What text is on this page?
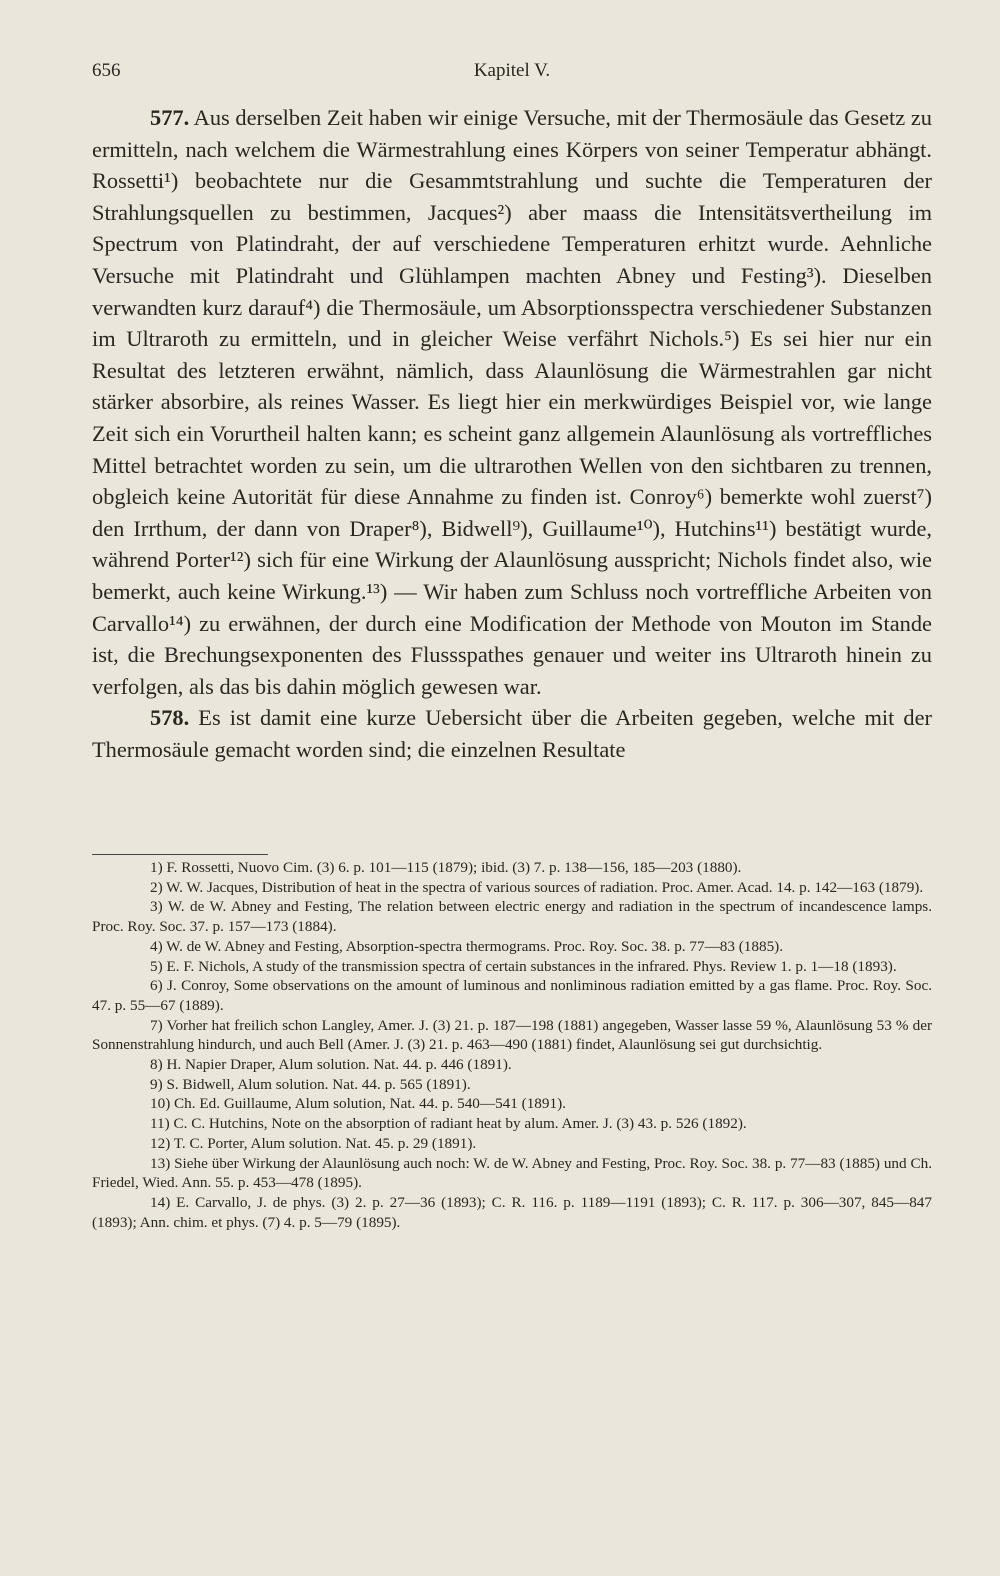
656	Kapitel V.

577. Aus derselben Zeit haben wir einige Versuche, mit der Thermosäule das Gesetz zu ermitteln, nach welchem die Wärmestrahlung eines Körpers von seiner Temperatur abhängt. Rossetti¹) beobachtete nur die Gesammtstrahlung und suchte die Temperaturen der Strahlungsquellen zu bestimmen, Jacques²) aber maass die Intensitätsvertheilung im Spectrum von Platindraht, der auf verschiedene Temperaturen erhitzt wurde. Aehnliche Versuche mit Platindraht und Glühlampen machten Abney und Festing³). Dieselben verwandten kurz darauf⁴) die Thermosäule, um Absorptionsspectra verschiedener Substanzen im Ultraroth zu ermitteln, und in gleicher Weise verfährt Nichols.⁵) Es sei hier nur ein Resultat des letzteren erwähnt, nämlich, dass Alaunlösung die Wärmestrahlen gar nicht stärker absorbire, als reines Wasser. Es liegt hier ein merkwürdiges Beispiel vor, wie lange Zeit sich ein Vorurtheil halten kann; es scheint ganz allgemein Alaunlösung als vortreffliches Mittel betrachtet worden zu sein, um die ultrarothen Wellen von den sichtbaren zu trennen, obgleich keine Autorität für diese Annahme zu finden ist. Conroy⁶) bemerkte wohl zuerst⁷) den Irrthum, der dann von Draper⁸), Bidwell⁹), Guillaume¹⁰), Hutchins¹¹) bestätigt wurde, während Porter¹²) sich für eine Wirkung der Alaunlösung ausspricht; Nichols findet also, wie bemerkt, auch keine Wirkung.¹³) — Wir haben zum Schluss noch vortreffliche Arbeiten von Carvallo¹⁴) zu erwähnen, der durch eine Modification der Methode von Mouton im Stande ist, die Brechungsexponenten des Flussspathes genauer und weiter ins Ultraroth hinein zu verfolgen, als das bis dahin möglich gewesen war.

578. Es ist damit eine kurze Uebersicht über die Arbeiten gegeben, welche mit der Thermosäule gemacht worden sind; die einzelnen Resultate

1) F. Rossetti, Nuovo Cim. (3) 6. p. 101—115 (1879); ibid. (3) 7. p. 138—156, 185—203 (1880).

2) W. W. Jacques, Distribution of heat in the spectra of various sources of radiation. Proc. Amer. Acad. 14. p. 142—163 (1879).

3) W. de W. Abney and Festing, The relation between electric energy and radiation in the spectrum of incandescence lamps. Proc. Roy. Soc. 37. p. 157—173 (1884).

4) W. de W. Abney and Festing, Absorption-spectra thermograms. Proc. Roy. Soc. 38. p. 77—83 (1885).

5) E. F. Nichols, A study of the transmission spectra of certain substances in the infrared. Phys. Review 1. p. 1—18 (1893).

6) J. Conroy, Some observations on the amount of luminous and nonliminous radiation emitted by a gas flame. Proc. Roy. Soc. 47. p. 55—67 (1889).

7) Vorher hat freilich schon Langley, Amer. J. (3) 21. p. 187—198 (1881) angegeben, Wasser lasse 59 %, Alaunlösung 53 % der Sonnenstrahlung hindurch, und auch Bell (Amer. J. (3) 21. p. 463—490 (1881) findet, Alaunlösung sei gut durchsichtig.

8) H. Napier Draper, Alum solution. Nat. 44. p. 446 (1891).

9) S. Bidwell, Alum solution. Nat. 44. p. 565 (1891).

10) Ch. Ed. Guillaume, Alum solution, Nat. 44. p. 540—541 (1891).

11) C. C. Hutchins, Note on the absorption of radiant heat by alum. Amer. J. (3) 43. p. 526 (1892).

12) T. C. Porter, Alum solution. Nat. 45. p. 29 (1891).

13) Siehe über Wirkung der Alaunlösung auch noch: W. de W. Abney and Festing, Proc. Roy. Soc. 38. p. 77—83 (1885) und Ch. Friedel, Wied. Ann. 55. p. 453—478 (1895).

14) E. Carvallo, J. de phys. (3) 2. p. 27—36 (1893); C. R. 116. p. 1189—1191 (1893); C. R. 117. p. 306—307, 845—847 (1893); Ann. chim. et phys. (7) 4. p. 5—79 (1895).
